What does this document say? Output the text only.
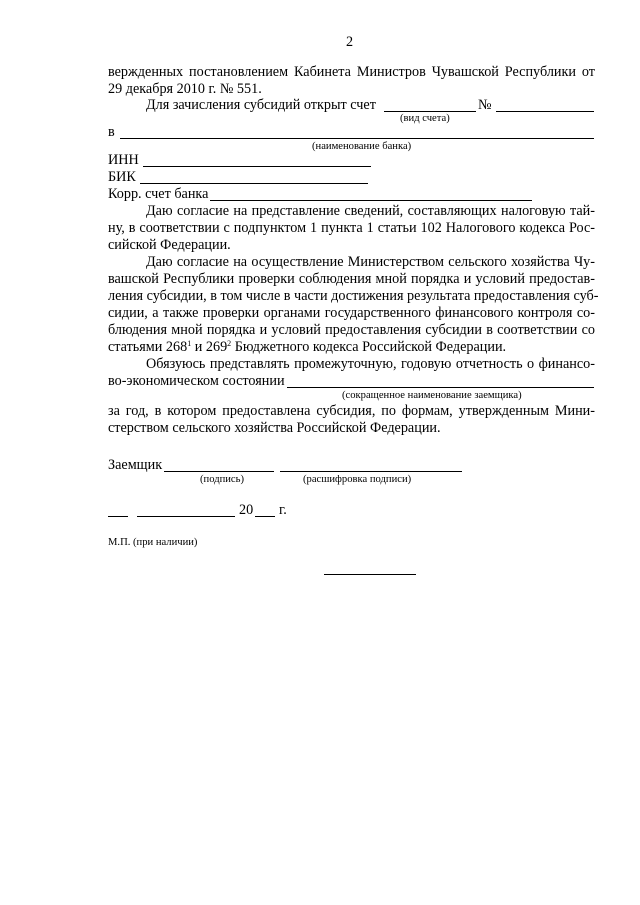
2
вержденных постановлением Кабинета Министров Чувашской Республики от
29 декабря 2010 г. № 551.
Для зачисления субсидий открыт счет	№
(вид счета)
в
(наименование банка)
ИНН
БИК
Корр. счет банка
Даю согласие на представление сведений, составляющих налоговую тай-
ну, в соответствии с подпунктом 1 пункта 1 статьи 102 Налогового кодекса Рос-
сийской Федерации.
Даю согласие на осуществление Министерством сельского хозяйства Чу-
вашской Республики проверки соблюдения мной порядка и условий предостав-
ления субсидии, в том числе в части достижения результата предоставления суб-
сидии, а также проверки органами государственного финансового контроля со-
блюдения мной порядка и условий предоставления субсидии в соответствии со
статьями $268^1$ и $269^2$ Бюджетного кодекса Российской Федерации.
Обязуюсь представлять промежуточную, годовую отчетность о финансо-
во-экономическом состоянии
(сокращенное наименование заемщика)
за год, в котором предоставлена субсидия, по формам, утвержденным Мини-
стерством сельского хозяйства Российской Федерации.
Заемщик
(подпись)	(расшифровка подписи)
20 г.
М.П. (при наличии)
